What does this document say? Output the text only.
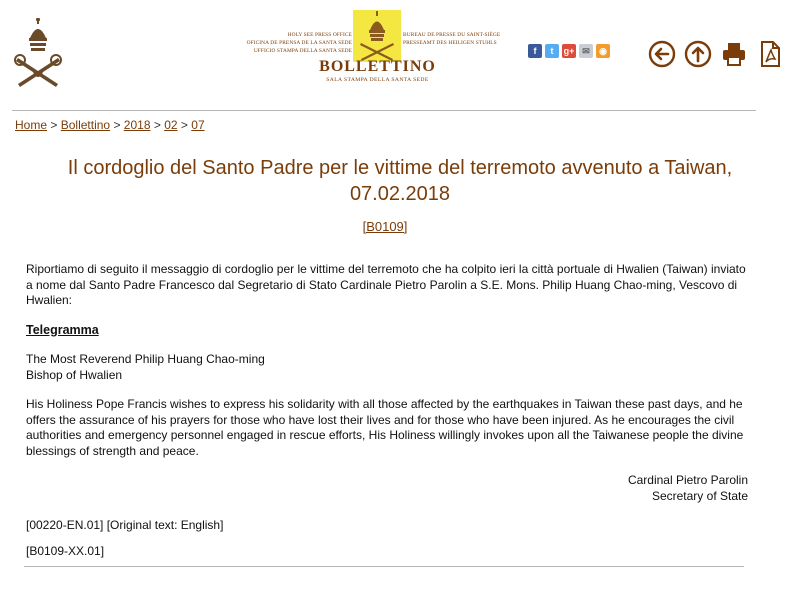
HOLY SEE PRESS OFFICE
OFICINA DE PRENSA DE LA SANTA SEDE
UFFICIO STAMPA DELLA SANTA SEDE
BUREAU DE PRESSE DU SAINT-SIÈGE
PRESSEAMT DES HEILIGEN STUHLS
BOLLETTINO
SALA STAMPA DELLA SANTA SEDE
f	t	g+ ✉	◉
Home > Bollettino > 2018 > 02 > 07
Il cordoglio del Santo Padre per le vittime del terremoto avvenuto a Taiwan, 07.02.2018
[B0109]

Riportiamo di seguito il messaggio di cordoglio per le vittime del terremoto che ha colpito ieri la città portuale di Hwalien (Taiwan) inviato a nome dal Santo Padre Francesco dal Segretario di Stato Cardinale Pietro Parolin a S.E. Mons. Philip Huang Chao-ming, Vescovo di Hwalien:

Telegramma

The Most Reverend Philip Huang Chao-ming

Bishop of Hwalien

His Holiness Pope Francis wishes to express his solidarity with all those affected by the earthquakes in Taiwan these past days, and he offers the assurance of his prayers for those who have lost their lives and for those who have been injured. As he encourages the civil authorities and emergency personnel engaged in rescue efforts, His Holiness willingly invokes upon all the Taiwanese people the divine blessings of strength and peace.

Cardinal Pietro Parolin

Secretary of State

[00220-EN.01] [Original text: English]

[B0109-XX.01]
